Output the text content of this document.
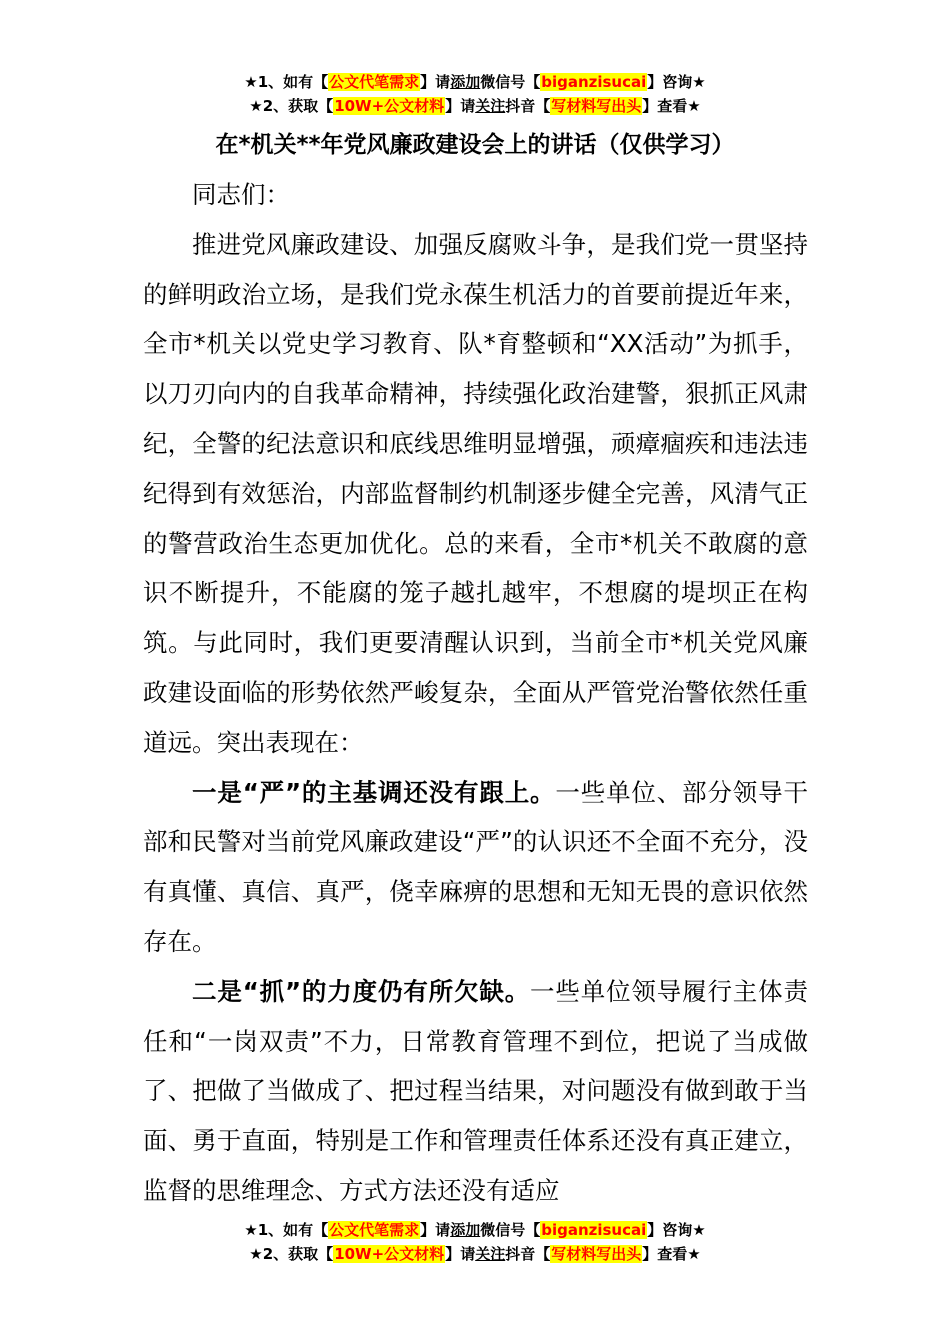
★1、如有【公文代笔需求】请添加微信号【biganzisucai】咨询★
★2、获取【10W+公文材料】请关注抖音【写材料写出头】查看★
在*机关**年党风廉政建设会上的讲话（仅供学习）

同志们：

推进党风廉政建设、加强反腐败斗争，是我们党一贯坚持的鲜明政治立场，是我们党永葆生机活力的首要前提近年来，全市*机关以党史学习教育、队*育整顿和“XX活动”为抓手，以刀刃向内的自我革命精神，持续强化政治建警，狠抓正风肃纪，全警的纪法意识和底线思维明显增强，顽瘴痼疾和违法违纪得到有效惩治，内部监督制约机制逐步健全完善，风清气正的警营政治生态更加优化。总的来看，全市*机关不敢腐的意识不断提升，不能腐的笼子越扎越牢，不想腐的堤坝正在构筑。与此同时，我们更要清醒认识到，当前全市*机关党风廉政建设面临的形势依然严峻复杂，全面从严管党治警依然任重道远。突出表现在：

一是“严”的主基调还没有跟上。一些单位、部分领导干部和民警对当前党风廉政建设“严”的认识还不全面不充分，没有真懂、真信、真严，侥幸麻痹的思想和无知无畏的意识依然存在。

二是“抓”的力度仍有所欠缺。一些单位领导履行主体责任和“一岗双责”不力，日常教育管理不到位，把说了当成做了、把做了当做成了、把过程当结果，对问题没有做到敢于当面、勇于直面，特别是工作和管理责任体系还没有真正建立，监督的思维理念、方式方法还没有适应

★1、如有【公文代笔需求】请添加微信号【biganzisucai】咨询★
★2、获取【10W+公文材料】请关注抖音【写材料写出头】查看★
